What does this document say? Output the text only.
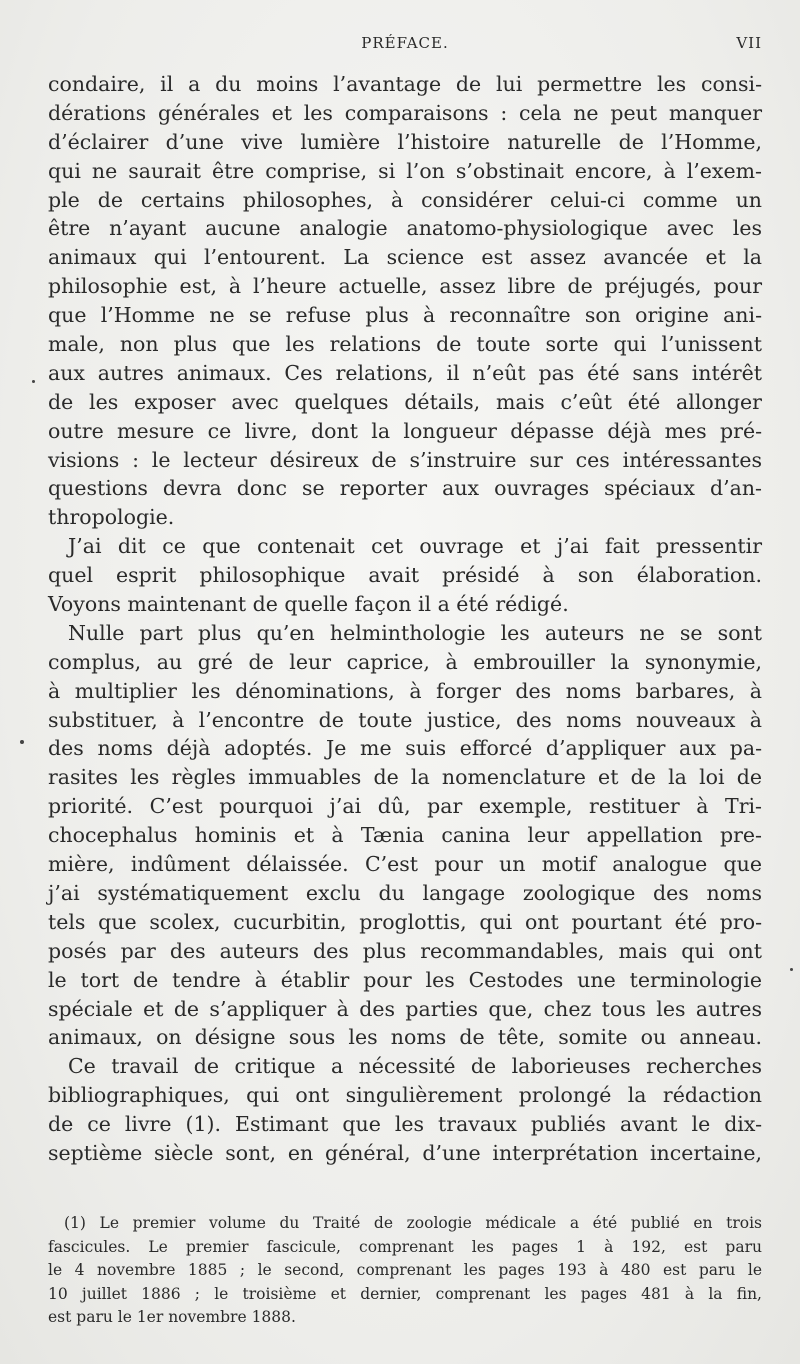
PRÉFACE.	VII
condaire, il a du moins l’avantage de lui permettre les consi-
dérations générales et les comparaisons : cela ne peut manquer
d’éclairer d’une vive lumière l’histoire naturelle de l’Homme,
qui ne saurait être comprise, si l’on s’obstinait encore, à l’exem-
ple de certains philosophes, à considérer celui-ci comme un
être n’ayant aucune analogie anatomo-physiologique avec les
animaux qui l’entourent. La science est assez avancée et la
philosophie est, à l’heure actuelle, assez libre de préjugés, pour
que l’Homme ne se refuse plus à reconnaître son origine ani-
male, non plus que les relations de toute sorte qui l’unissent
aux autres animaux. Ces relations, il n’eût pas été sans intérêt
de les exposer avec quelques détails, mais c’eût été allonger
outre mesure ce livre, dont la longueur dépasse déjà mes pré-
visions : le lecteur désireux de s’instruire sur ces intéressantes
questions devra donc se reporter aux ouvrages spéciaux d’an-
thropologie.
J’ai dit ce que contenait cet ouvrage et j’ai fait pressentir
quel esprit philosophique avait présidé à son élaboration.
Voyons maintenant de quelle façon il a été rédigé.
Nulle part plus qu’en helminthologie les auteurs ne se sont
complus, au gré de leur caprice, à embrouiller la synonymie,
à multiplier les dénominations, à forger des noms barbares, à
substituer, à l’encontre de toute justice, des noms nouveaux à
des noms déjà adoptés. Je me suis efforcé d’appliquer aux pa-
rasites les règles immuables de la nomenclature et de la loi de
priorité. C’est pourquoi j’ai dû, par exemple, restituer à Tri-
chocephalus hominis et à Tænia canina leur appellation pre-
mière, indûment délaissée. C’est pour un motif analogue que
j’ai systématiquement exclu du langage zoologique des noms
tels que scolex, cucurbitin, proglottis, qui ont pourtant été pro-
posés par des auteurs des plus recommandables, mais qui ont
le tort de tendre à établir pour les Cestodes une terminologie
spéciale et de s’appliquer à des parties que, chez tous les autres
animaux, on désigne sous les noms de tête, somite ou anneau.
Ce travail de critique a nécessité de laborieuses recherches
bibliographiques, qui ont singulièrement prolongé la rédaction
de ce livre (1). Estimant que les travaux publiés avant le dix-
septième siècle sont, en général, d’une interprétation incertaine,
(1) Le premier volume du Traité de zoologie médicale a été publié en trois
fascicules. Le premier fascicule, comprenant les pages 1 à 192, est paru
le 4 novembre 1885 ; le second, comprenant les pages 193 à 480 est paru le
10 juillet 1886 ; le troisième et dernier, comprenant les pages 481 à la fin,
est paru le 1er novembre 1888.
